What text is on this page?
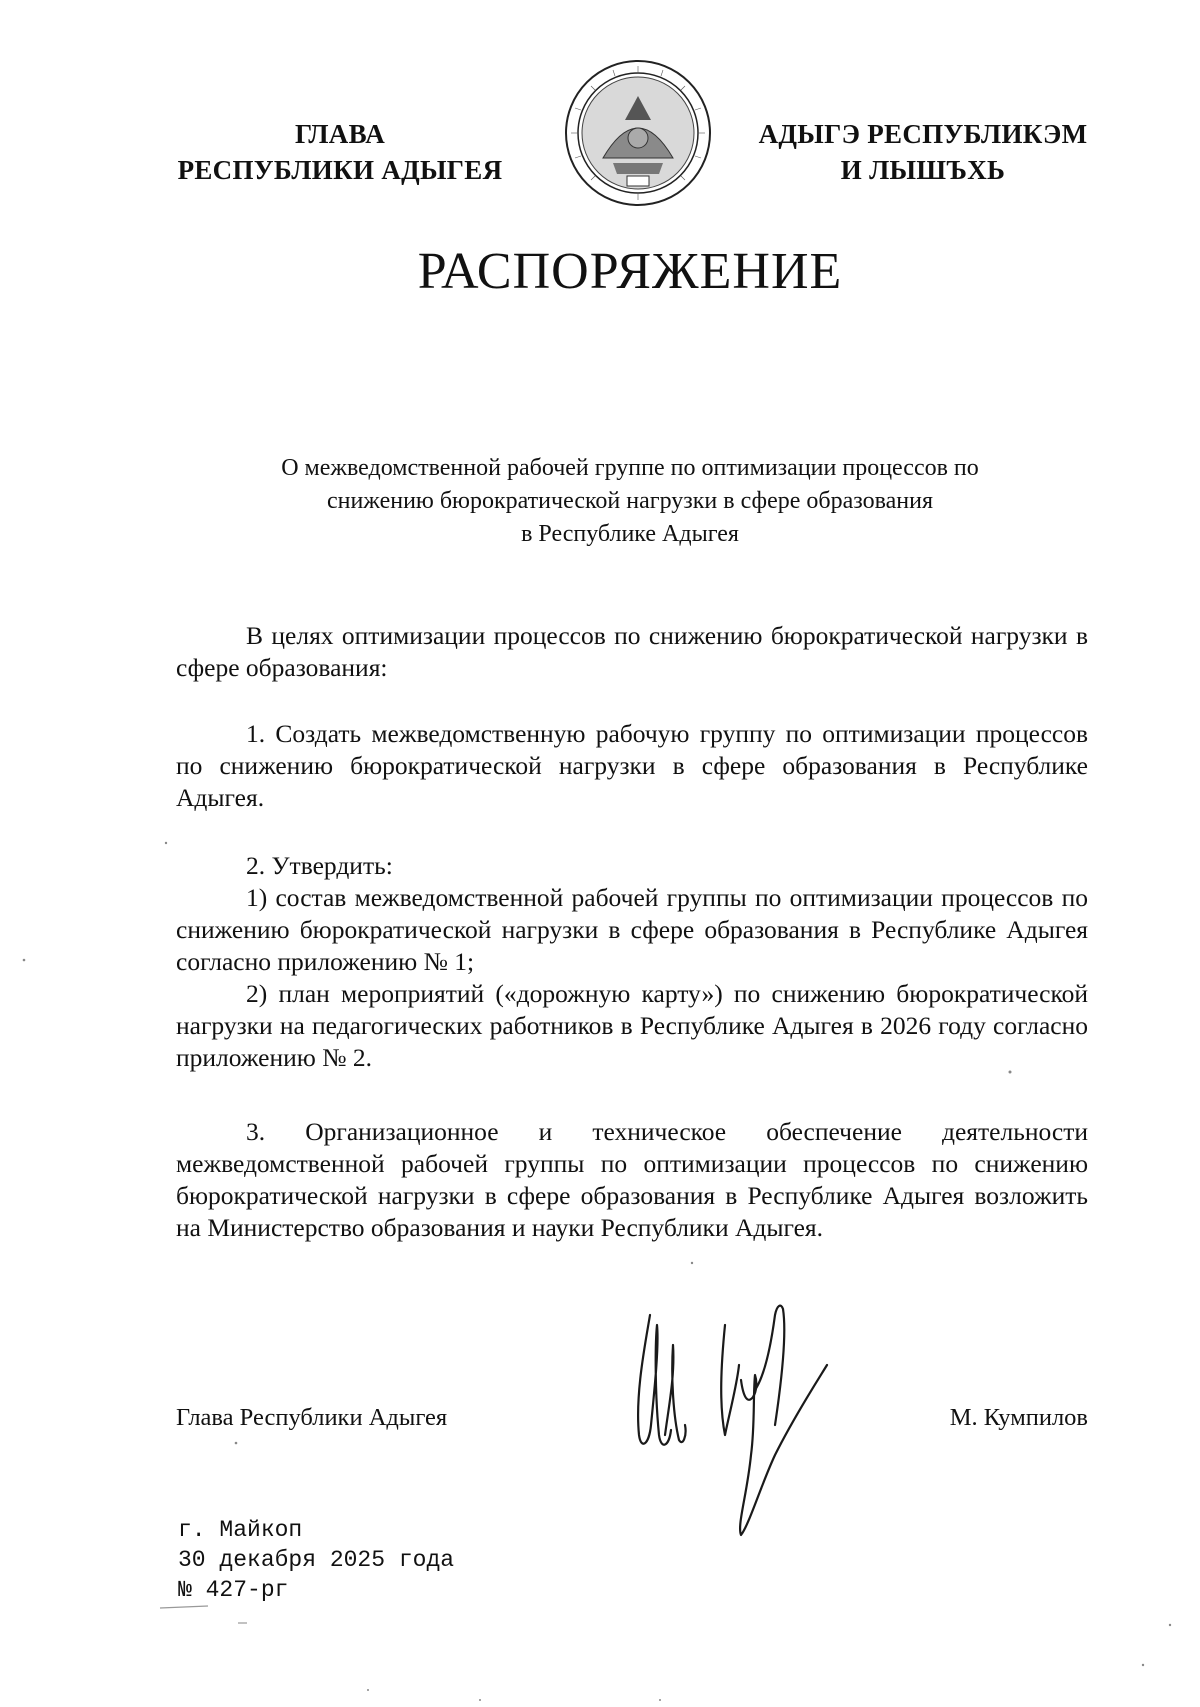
ГЛАВА
РЕСПУБЛИКИ АДЫГЕЯ
АДЫГЭ РЕСПУБЛИКЭМ
И ЛЫШЪХЬ
РАСПОРЯЖЕНИЕ
О межведомственной рабочей группе по оптимизации процессов по
снижению бюрократической нагрузки в сфере образования
в Республике Адыгея

В целях оптимизации процессов по снижению бюрократической нагрузки в сфере образования:

1. Создать межведомственную рабочую группу по оптимизации процессов по снижению бюрократической нагрузки в сфере образования в Республике Адыгея.

2. Утвердить:

1) состав межведомственной рабочей группы по оптимизации процессов по снижению бюрократической нагрузки в сфере образования в Республике Адыгея согласно приложению № 1;

2) план мероприятий («дорожную карту») по снижению бюрократической нагрузки на педагогических работников в Республике Адыгея в 2026 году согласно приложению № 2.

3. Организационное и техническое обеспечение деятельности межведомственной рабочей группы по оптимизации процессов по снижению бюрократической нагрузки в сфере образования в Республике Адыгея возложить на Министерство образования и науки Республики Адыгея.

Глава Республики Адыгея	М. Кумпилов
г. Майкоп
30 декабря 2025 года
№ 427-рг
